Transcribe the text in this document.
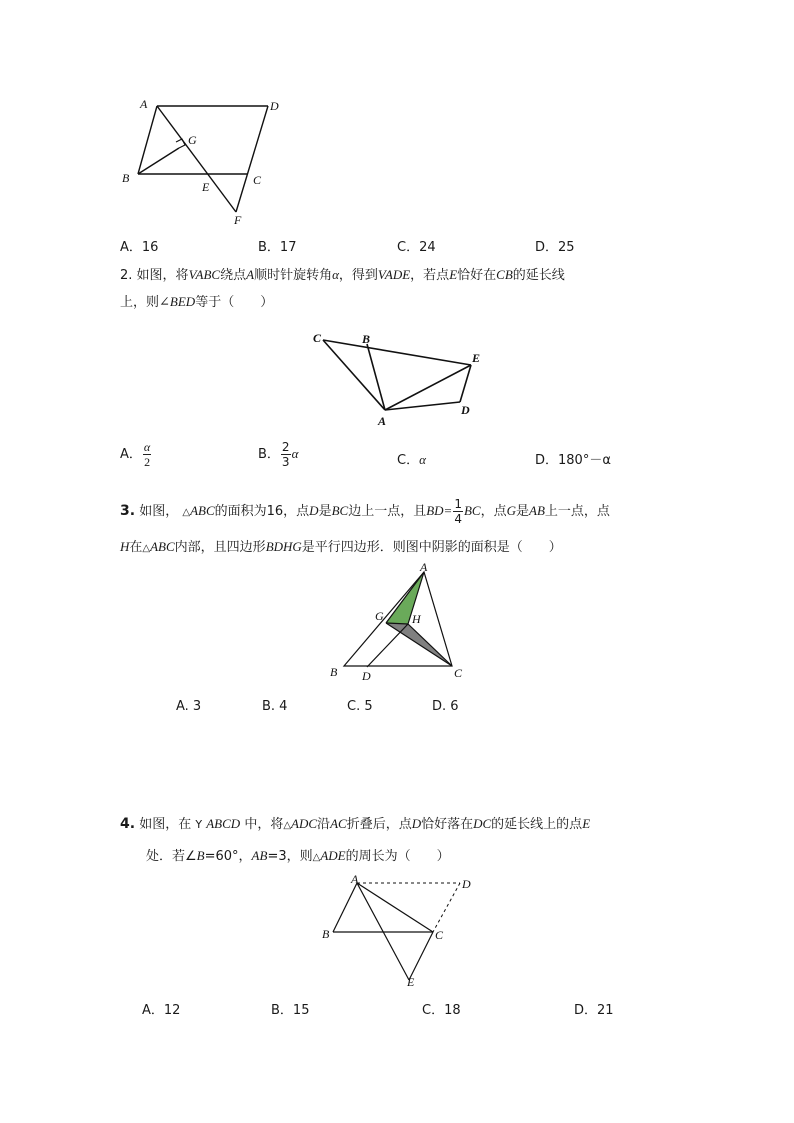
A	D
G
B
E	C
F
A．16	B．17	C．24	D．25
2. 如图，将VABC绕点A顺时针旋转角α，得到VADE，若点E恰好在CB的延长线
上，则∠BED等于（　　）
C	B
E
D
A
A． $\frac{\alpha}{2}$	B． $\frac{2}{3}$ α	C．α	D．180°－α
3. 如图， △ABC的面积为16，点D是BC边上一点，且$BD= \frac{1}{4}$ BC，点G是AB上一点，点
H在△ABC内部，且四边形BDHG是平行四边形．则图中阴影的面积是（　　）
A
G H
B D	C
A. 3	B. 4	C. 5	D. 6
4. 如图，在 Y ABCD 中，将△ADC沿AC折叠后，点D恰好落在DC的延长线上的点E
处．若∠B=60°，AB=3，则△ADE的周长为（　　）
A	D
B	C
E
A．12	B．15	C．18	D．21
